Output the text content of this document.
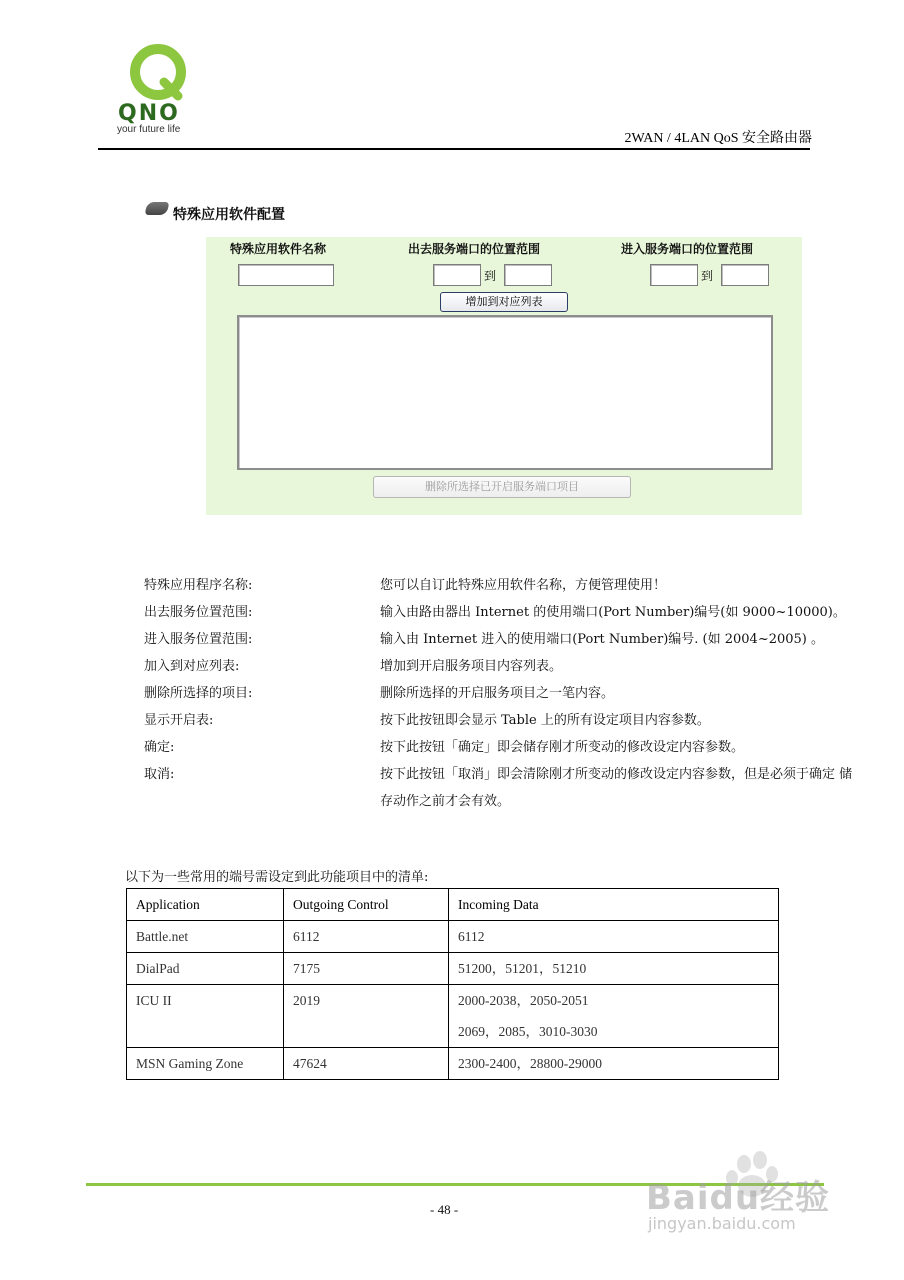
QNO
your future life
2WAN / 4LAN QoS 安全路由器
特殊应用软件配置
特殊应用软件名称	出去服务端口的位置范围	进入服务端口的位置范围
到	到
增加到对应列表
删除所选择已开启服务端口项目
特殊应用程序名称:	您可以自订此特殊应用软件名称，方便管理使用！
出去服务位置范围:	输入由路由器出 Internet 的使用端口(Port Number)编号(如 9000~10000)。
进入服务位置范围:	输入由 Internet 进入的使用端口(Port Number)编号. (如 2004~2005) 。
加入到对应列表:	增加到开启服务项目内容列表。
删除所选择的项目:	删除所选择的开启服务项目之一笔内容。
显示开启表:	按下此按钮即会显示 Table 上的所有设定项目内容参数。
确定:	按下此按钮「确定」即会储存刚才所变动的修改设定内容参数。
取消:	按下此按钮「取消」即会清除刚才所变动的修改设定内容参数，但是必须于确定 储存动作之前才会有效。
以下为一些常用的端号需设定到此功能项目中的清单:
Application	Outgoing Control	Incoming Data
Battle.net	6112	6112
DialPad	7175	51200，51201，51210
ICU II	2019	2000-2038，2050-2051
2069，2085，3010-3030

MSN Gaming Zone	47624	2300-2400，28800-29000
- 48 -	Baidu经验
jingyan.baidu.com
